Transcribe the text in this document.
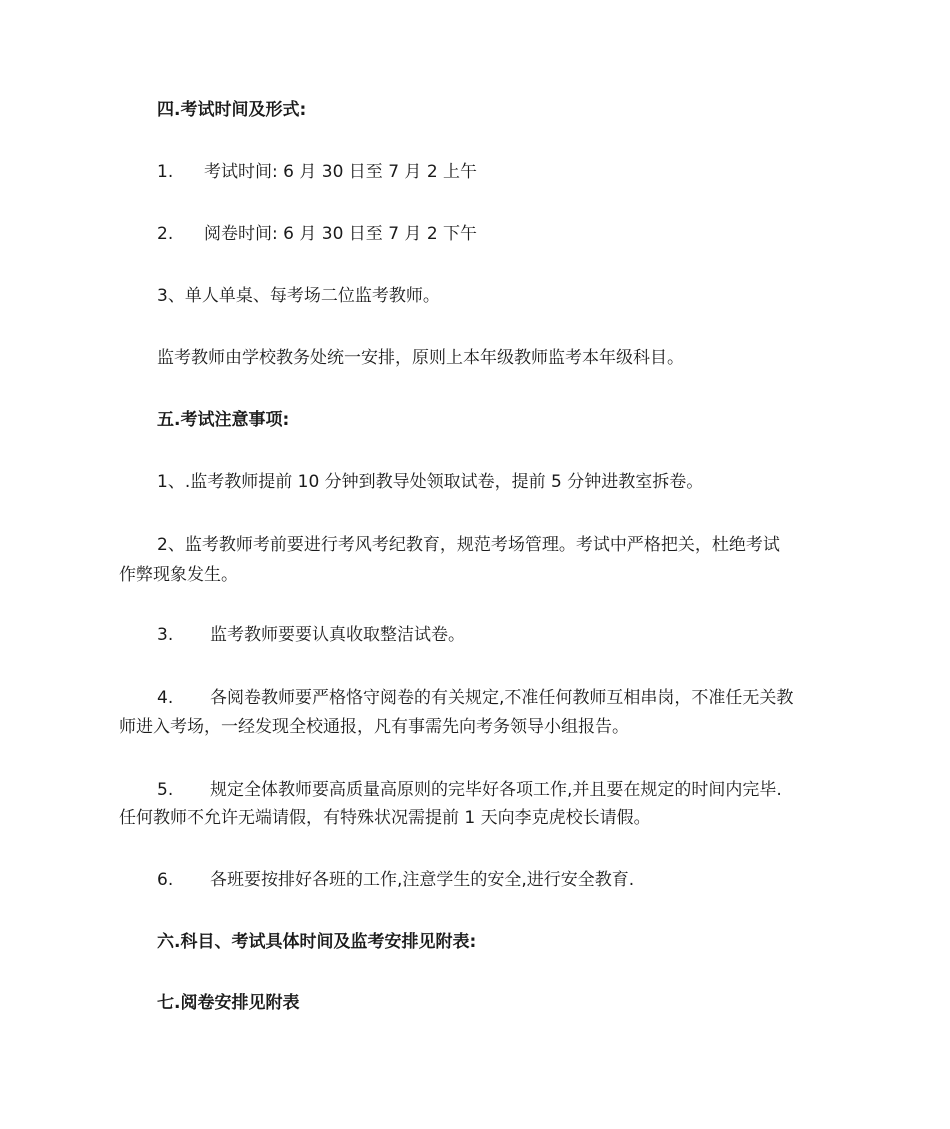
四.考试时间及形式:
1. 考试时间: 6 月 30 日至 7 月 2 上午
2. 阅卷时间: 6 月 30 日至 7 月 2 下午
3、单人单桌、每考场二位监考教师。
监考教师由学校教务处统一安排，原则上本年级教师监考本年级科目。
五.考试注意事项:
1、.监考教师提前 10 分钟到教导处领取试卷，提前 5 分钟进教室拆卷。
2、监考教师考前要进行考风考纪教育，规范考场管理。考试中严格把关，杜绝考试
作弊现象发生。
3. 监考教师要要认真收取整洁试卷。
4. 各阅卷教师要严格恪守阅卷的有关规定,不准任何教师互相串岗，不准任无关教
师进入考场，一经发现全校通报，凡有事需先向考务领导小组报告。
5. 规定全体教师要高质量高原则的完毕好各项工作,并且要在规定的时间内完毕.
任何教师不允许无端请假，有特殊状况需提前 1 天向李克虎校长请假。
6. 各班要按排好各班的工作,注意学生的安全,进行安全教育.
六.科目、考试具体时间及监考安排见附表:
七.阅卷安排见附表
